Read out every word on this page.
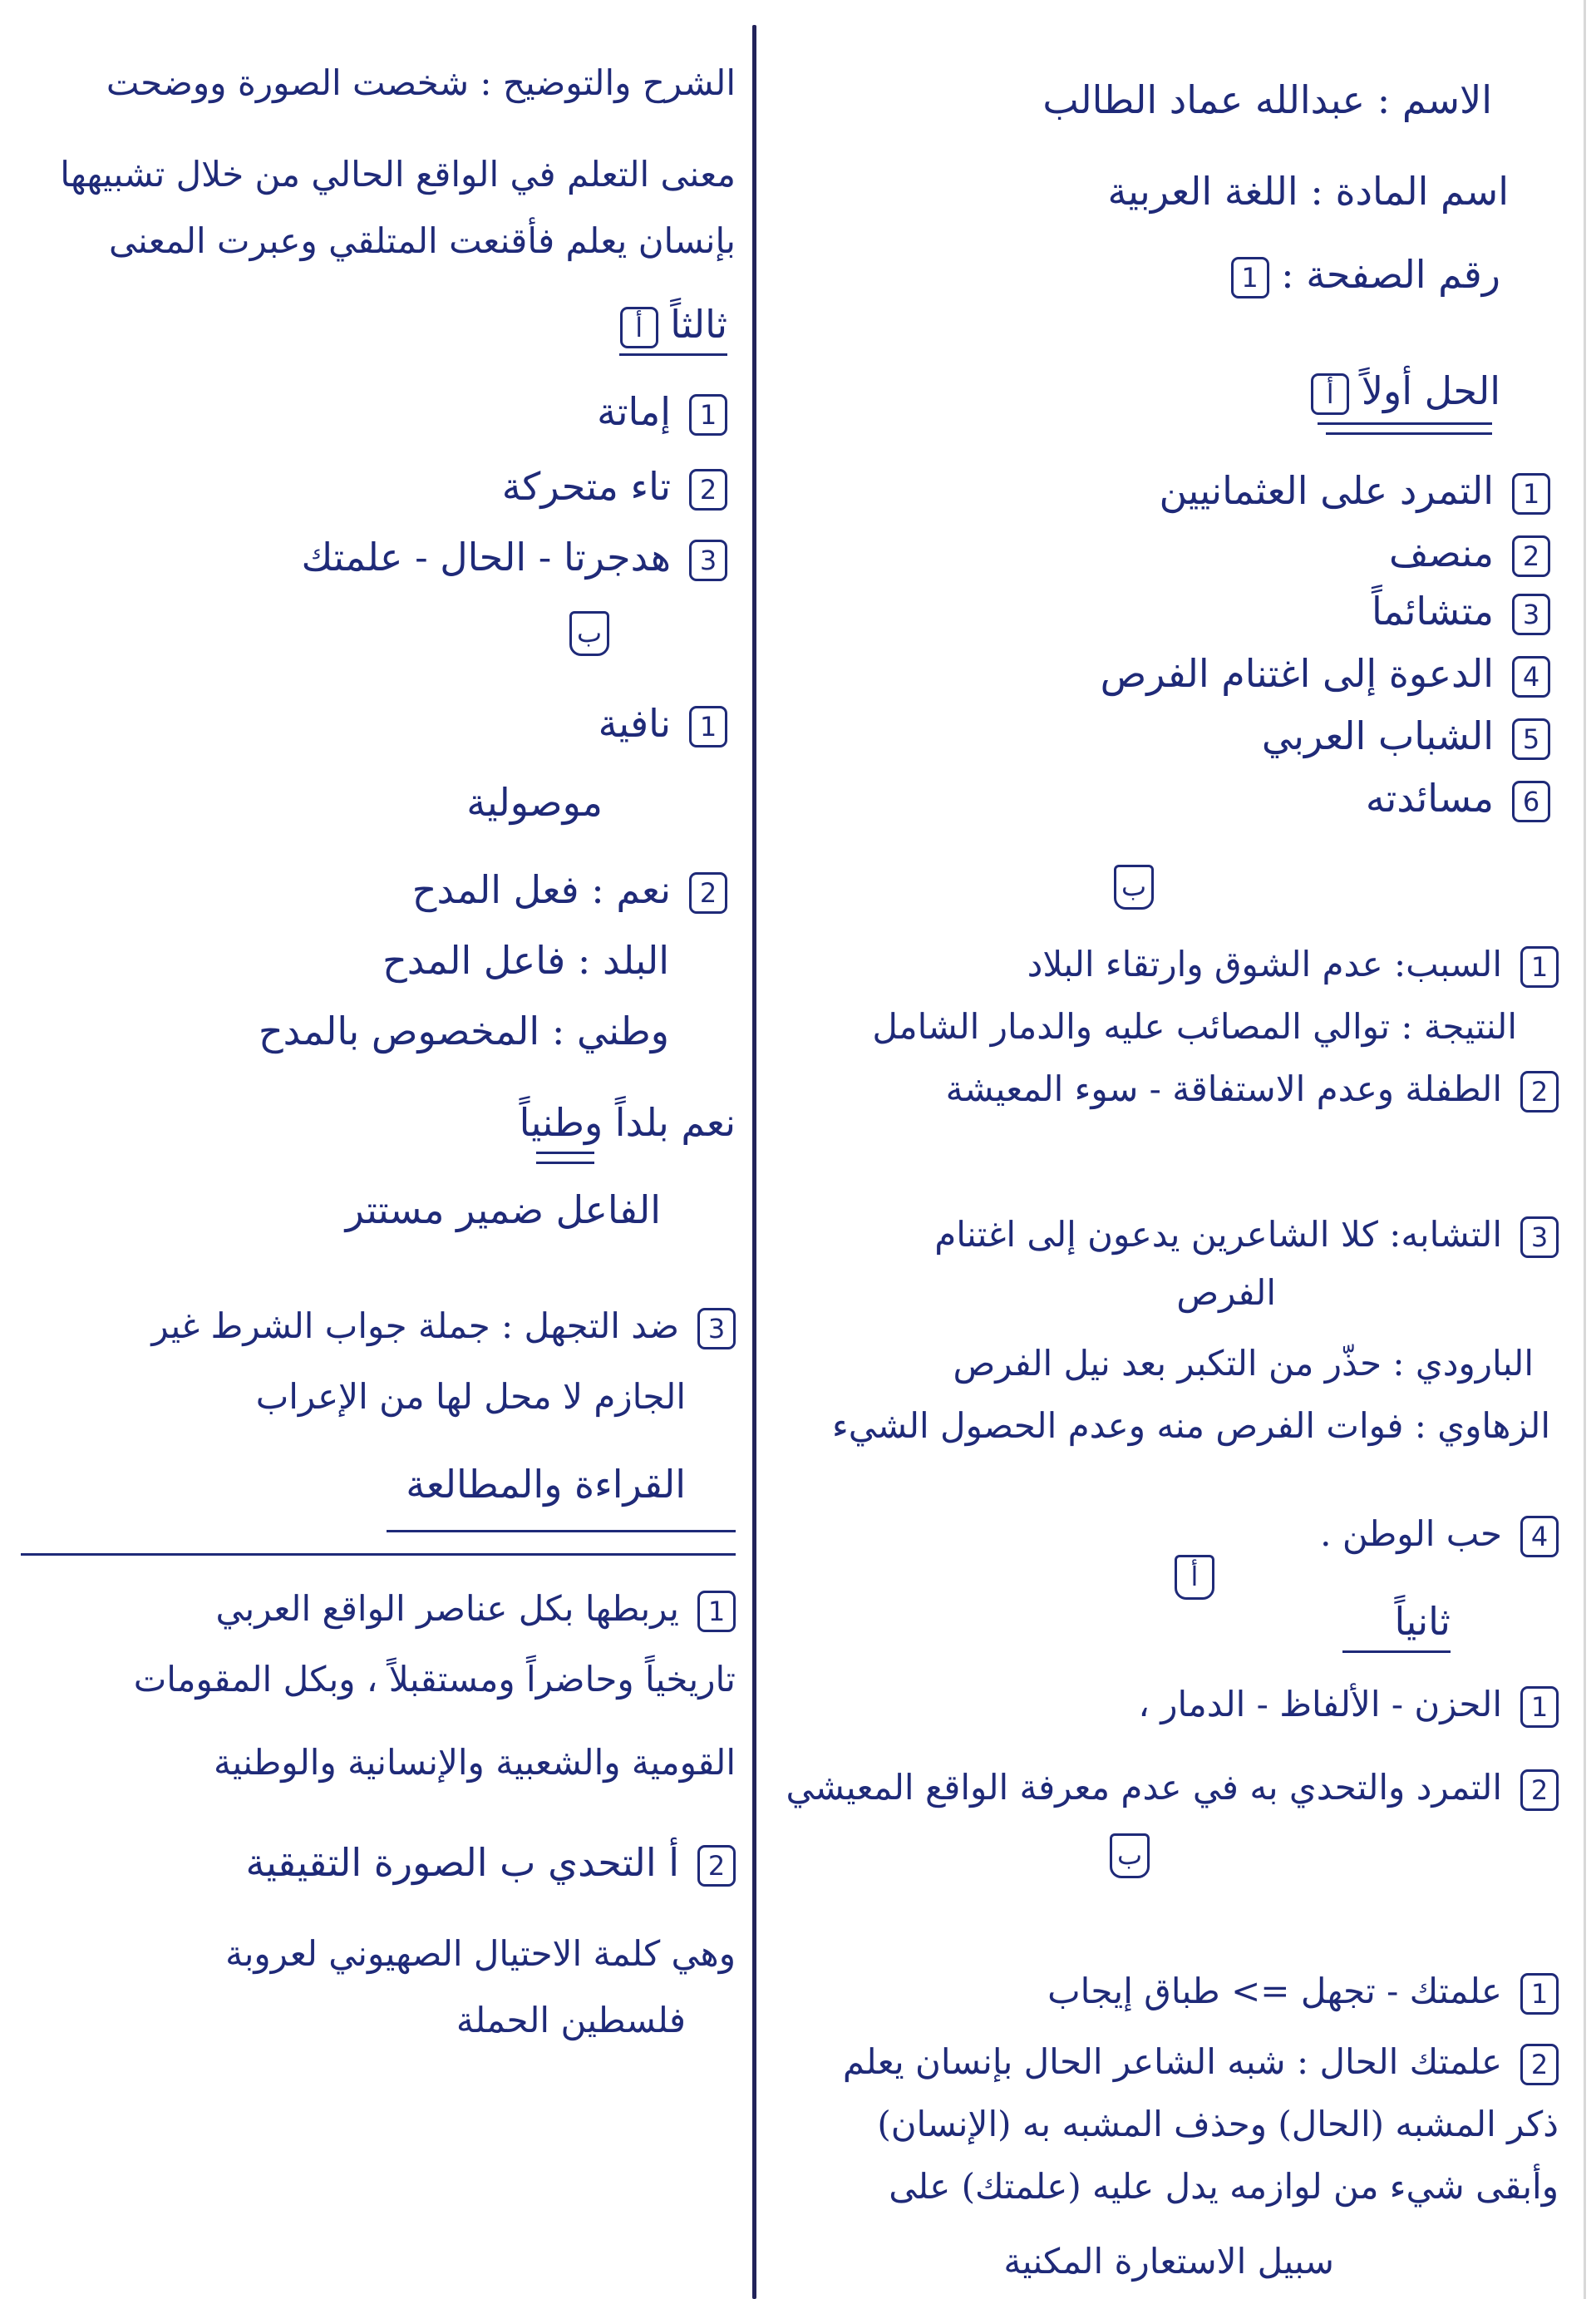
الاسم : عبدالله عماد الطالب
اسم المادة : اللغة العربية
رقم الصفحة : 1
الحل أولاً أ
1التمرد على العثمانيين
2منصف
3متشائماً
4الدعوة إلى اغتنام الفرص
5الشباب العربي
6مسائدته
ب
1السبب: عدم الشوق وارتقاء البلاد
النتيجة : توالي المصائب عليه والدمار الشامل
2الطفلة وعدم الاستفاقة - سوء المعيشة
3التشابه: كلا الشاعرين يدعون إلى اغتنام
الفرص
البارودي : حذّر من التكبر بعد نيل الفرص
الزهاوي : فوات الفرص منه وعدم الحصول الشيء
4حب الوطن .
أ
ثانياً
1الحزن - الألفاظ - الدمار ،
2التمرد والتحدي به في عدم معرفة الواقع المعيشي
ب
1علمتك - تجهل => طباق إيجاب
2علمتك الحال : شبه الشاعر الحال بإنسان يعلم
ذكر المشبه (الحال) وحذف المشبه به (الإنسان)
وأبقى شيء من لوازمه يدل عليه (علمتك) على
سبيل الاستعارة المكنية
الشرح والتوضيح : شخصت الصورة ووضحت
معنى التعلم في الواقع الحالي من خلال تشبيهها
بإنسان يعلم فأقنعت المتلقي وعبرت المعنى
ثالثاً أ
1إماتة
2تاء متحركة
3هدجرتا - الحال - علمتك
ب
1نافية
موصولية
2نعم : فعل المدح
البلد : فاعل المدح
وطني : المخصوص بالمدح
نعم بلداً وطنياً
الفاعل ضمير مستتر
3ضد التجهل : جملة جواب الشرط غير
الجازم لا محل لها من الإعراب
القراءة والمطالعة
1يربطها بكل عناصر الواقع العربي
تاريخياً وحاضراً ومستقبلاً ، وبكل المقومات
القومية والشعبية والإنسانية والوطنية
2أ التحدي ب الصورة التقيقية
وهي كلمة الاحتيال الصهيوني لعروبة
فلسطين الحملة
